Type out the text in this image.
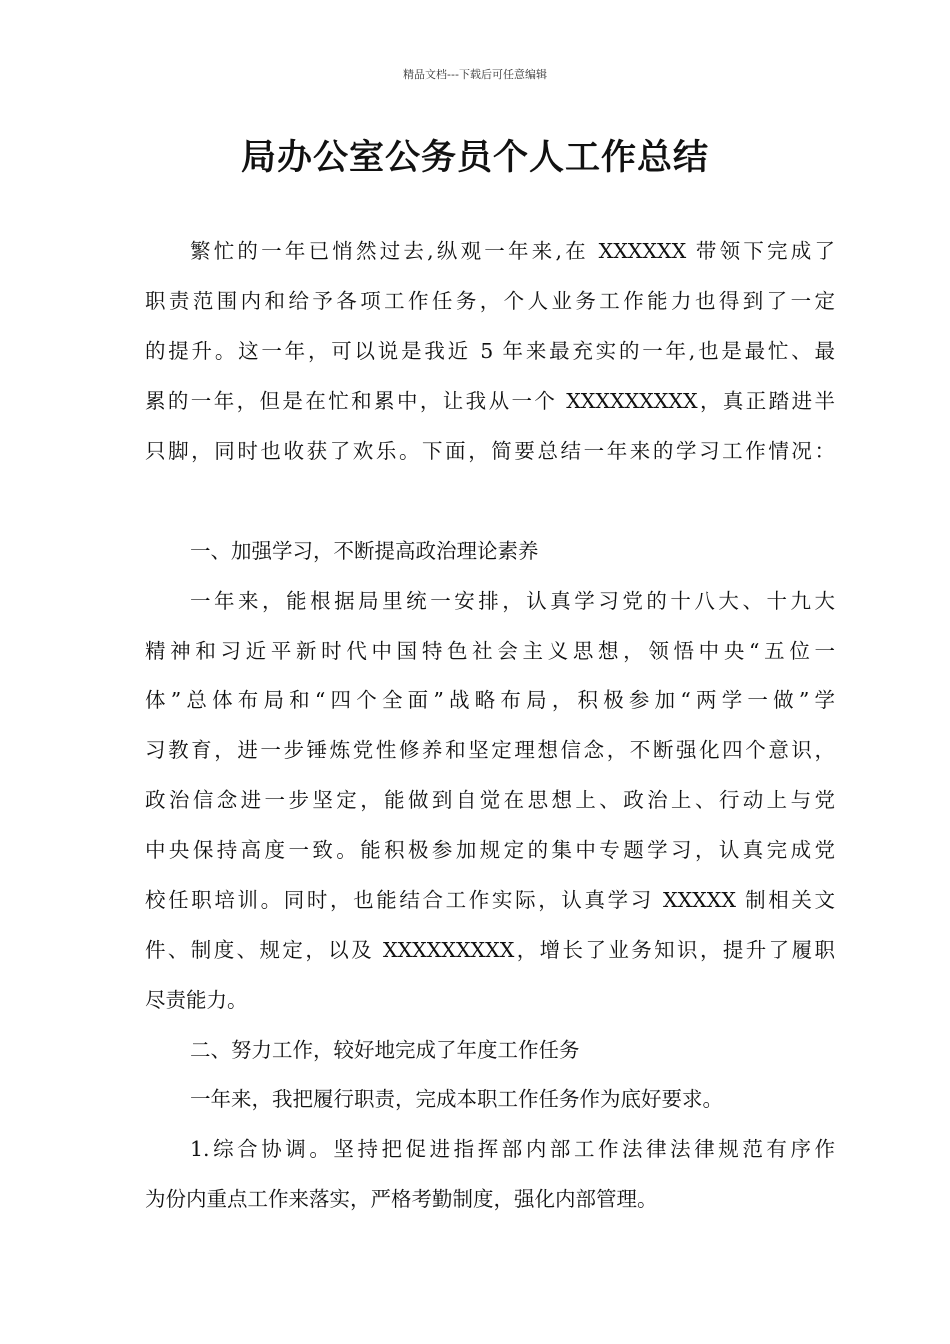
精品文档---下载后可任意编辑
局办公室公务员个人工作总结
繁忙的一年已悄然过去,纵观一年来,在 XXXXXX 带领下完成了
职责范围内和给予各项工作任务，个人业务工作能力也得到了一定
的提升。这一年，可以说是我近 5 年来最充实的一年,也是最忙、最
累的一年，但是在忙和累中，让我从一个 XXXXXXXXX，真正踏进半
只脚，同时也收获了欢乐。下面，简要总结一年来的学习工作情况：
一、加强学习，不断提高政治理论素养
一年来，能根据局里统一安排，认真学习党的十八大、十九大
精神和习近平新时代中国特色社会主义思想，领悟中央“五位一
体”总体布局和“四个全面”战略布局，积极参加“两学一做”学
习教育，进一步锤炼党性修养和坚定理想信念，不断强化四个意识，
政治信念进一步坚定，能做到自觉在思想上、政治上、行动上与党
中央保持高度一致。能积极参加规定的集中专题学习，认真完成党
校任职培训。同时，也能结合工作实际，认真学习 XXXXX 制相关文
件、制度、规定，以及 XXXXXXXXX，增长了业务知识，提升了履职
尽责能力。
二、努力工作，较好地完成了年度工作任务
一年来，我把履行职责，完成本职工作任务作为底好要求。
1.综合协调。坚持把促进指挥部内部工作法律法律规范有序作
为份内重点工作来落实，严格考勤制度，强化内部管理。
